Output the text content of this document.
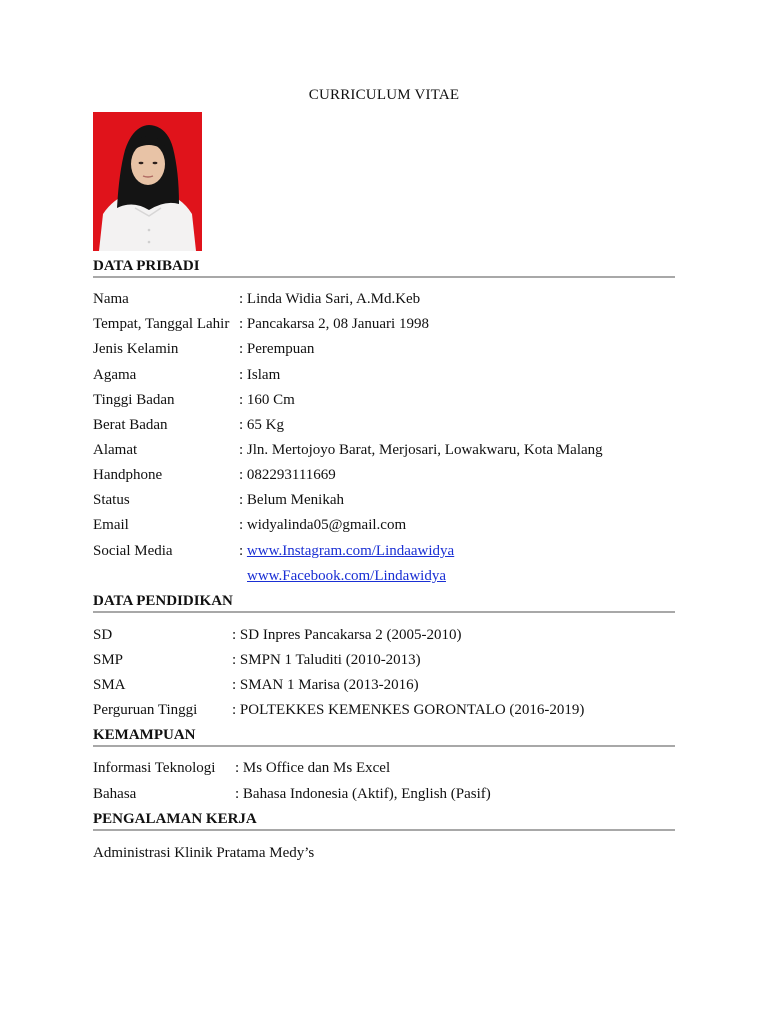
CURRICULUM VITAE
DATA PRIBADI
Nama	: Linda Widia Sari, A.Md.Keb
Tempat, Tanggal Lahir : Pancakarsa 2, 08 Januari 1998
Jenis Kelamin	: Perempuan
Agama	: Islam
Tinggi Badan	: 160 Cm
Berat Badan	: 65 Kg
Alamat	: Jln. Mertojoyo Barat, Merjosari, Lowakwaru, Kota Malang
Handphone	: 082293111669
Status	: Belum Menikah
Email	: widyalinda05@gmail.com
Social Media	: www.Instagram.com/Lindaawidya
www.Facebook.com/Lindawidya
DATA PENDIDIKAN
SD	: SD Inpres Pancakarsa 2 (2005-2010)
SMP	: SMPN 1 Taluditi (2010-2013)
SMA	: SMAN 1 Marisa (2013-2016)
Perguruan Tinggi : POLTEKKES KEMENKES GORONTALO (2016-2019)
KEMAMPUAN
Informasi Teknologi : Ms Office dan Ms Excel
Bahasa	: Bahasa Indonesia (Aktif), English (Pasif)
PENGALAMAN KERJA
Administrasi Klinik Pratama Medy’s
